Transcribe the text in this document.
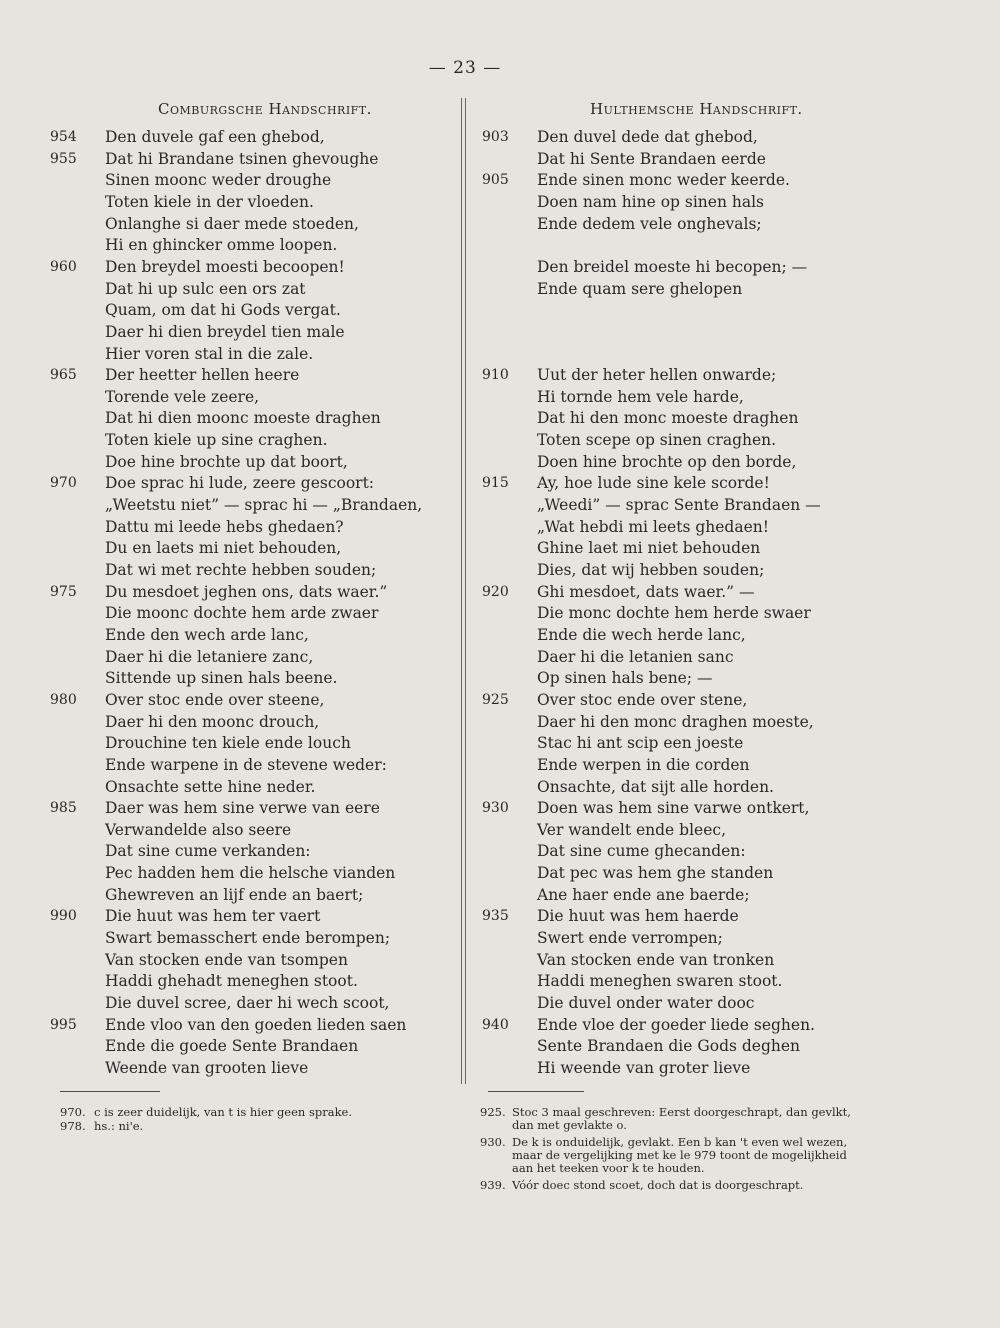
— 23 —
Comburgsche Handschrift.	Hulthemsche Handschrift.
954	Den duvele gaf een ghebod,
955	Dat hi Brandane tsinen ghevoughe
Sinen moonc weder droughe
Toten kiele in der vloeden.
Onlanghe si daer mede stoeden,
Hi en ghincker omme loopen.
960	Den breydel moesti becoopen!
Dat hi up sulc een ors zat
Quam, om dat hi Gods vergat.
Daer hi dien breydel tien male
Hier voren stal in die zale.
965	Der heetter hellen heere
Torende vele zeere,
Dat hi dien moonc moeste draghen
Toten kiele up sine craghen.
Doe hine brochte up dat boort,
970	Doe sprac hi lude, zeere gescoort:
„Weetstu niet” — sprac hi — „Brandaen,
Dattu mi leede hebs ghedaen?
Du en laets mi niet behouden,
Dat wi met rechte hebben souden;
975	Du mesdoet jeghen ons, dats waer.”
Die moonc dochte hem arde zwaer
Ende den wech arde lanc,
Daer hi die letaniere zanc,
Sittende up sinen hals beene.
980	Over stoc ende over steene,
Daer hi den moonc drouch,
Drouchine ten kiele ende louch
Ende warpene in de stevene weder:
Onsachte sette hine neder.
985	Daer was hem sine verwe van eere
Verwandelde also seere
Dat sine cume verkanden:
Pec hadden hem die helsche vianden
Ghewreven an lijf ende an baert;
990	Die huut was hem ter vaert
Swart bemasschert ende berompen;
Van stocken ende van tsompen
Haddi ghehadt meneghen stoot.
Die duvel scree, daer hi wech scoot,
995	Ende vloo van den goeden lieden saen
Ende die goede Sente Brandaen
Weende van grooten lieve
903	Den duvel dede dat ghebod,
Dat hi Sente Brandaen eerde
905	Ende sinen monc weder keerde.
Doen nam hine op sinen hals
Ende dedem vele onghevals;
Den breidel moeste hi becopen; —
Ende quam sere ghelopen
910	Uut der heter hellen onwarde;
Hi tornde hem vele harde,
Dat hi den monc moeste draghen
Toten scepe op sinen craghen.
Doen hine brochte op den borde,
915	Ay, hoe lude sine kele scorde!
„Weedi” — sprac Sente Brandaen —
„Wat hebdi mi leets ghedaen!
Ghine laet mi niet behouden
Dies, dat wij hebben souden;
920	Ghi mesdoet, dats waer.” —
Die monc dochte hem herde swaer
Ende die wech herde lanc,
Daer hi die letanien sanc
Op sinen hals bene; —
925	Over stoc ende over stene,
Daer hi den monc draghen moeste,
Stac hi ant scip een joeste
Ende werpen in die corden
Onsachte, dat sijt alle horden.
930	Doen was hem sine varwe ontkert,
Ver wandelt ende bleec,
Dat sine cume ghecanden:
Dat pec was hem ghe standen
Ane haer ende ane baerde;
935	Die huut was hem haerde
Swert ende verrompen;
Van stocken ende van tronken
Haddi meneghen swaren stoot.
Die duvel onder water dooc
940	Ende vloe der goeder liede seghen.
Sente Brandaen die Gods deghen
Hi weende van groter lieve
970. c is zeer duidelijk, van t is hier geen sprake.
978. hs.: ni'e.
925. Stoc 3 maal geschreven: Eerst doorgeschrapt, dan gevlkt, dan met gevlakte o.
930. De k is onduidelijk, gevlakt. Een b kan 't even wel wezen, maar de vergelijking met ke le 979 toont de mogelijkheid aan het teeken voor k te houden.
939. Vóór doec stond scoet, doch dat is doorgeschrapt.
